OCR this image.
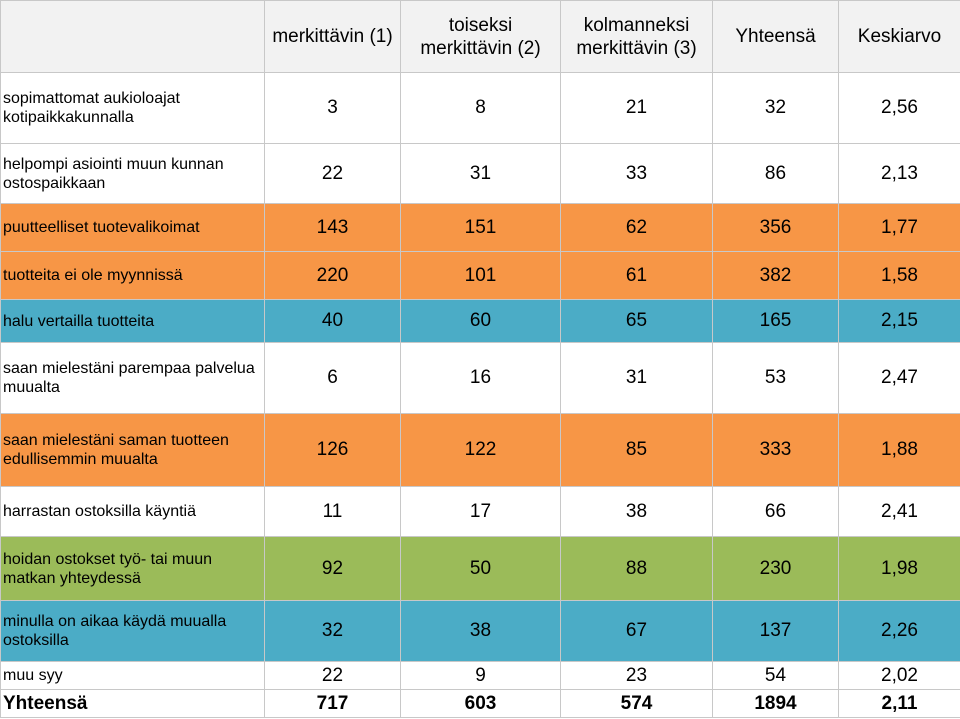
	merkittävin (1)	toiseksi merkittävin (2)	kolmanneksi merkittävin (3)	Yhteensä	Keskiarvo
sopimattomat aukioloajat kotipaikkakunnalla	3	8	21	32	2,56
helpompi asiointi muun kunnan ostospaikkaan	22	31	33	86	2,13
puutteelliset tuotevalikoimat	143	151	62	356	1,77
tuotteita ei ole myynnissä	220	101	61	382	1,58
halu vertailla tuotteita	40	60	65	165	2,15
saan mielestäni parempaa palvelua muualta	6	16	31	53	2,47
saan mielestäni saman tuotteen edullisemmin muualta	126	122	85	333	1,88
harrastan ostoksilla käyntiä	11	17	38	66	2,41
hoidan ostokset työ- tai muun matkan yhteydessä	92	50	88	230	1,98
minulla on aikaa käydä muualla ostoksilla	32	38	67	137	2,26
muu syy	22	9	23	54	2,02
Yhteensä	717	603	574	1894	2,11
